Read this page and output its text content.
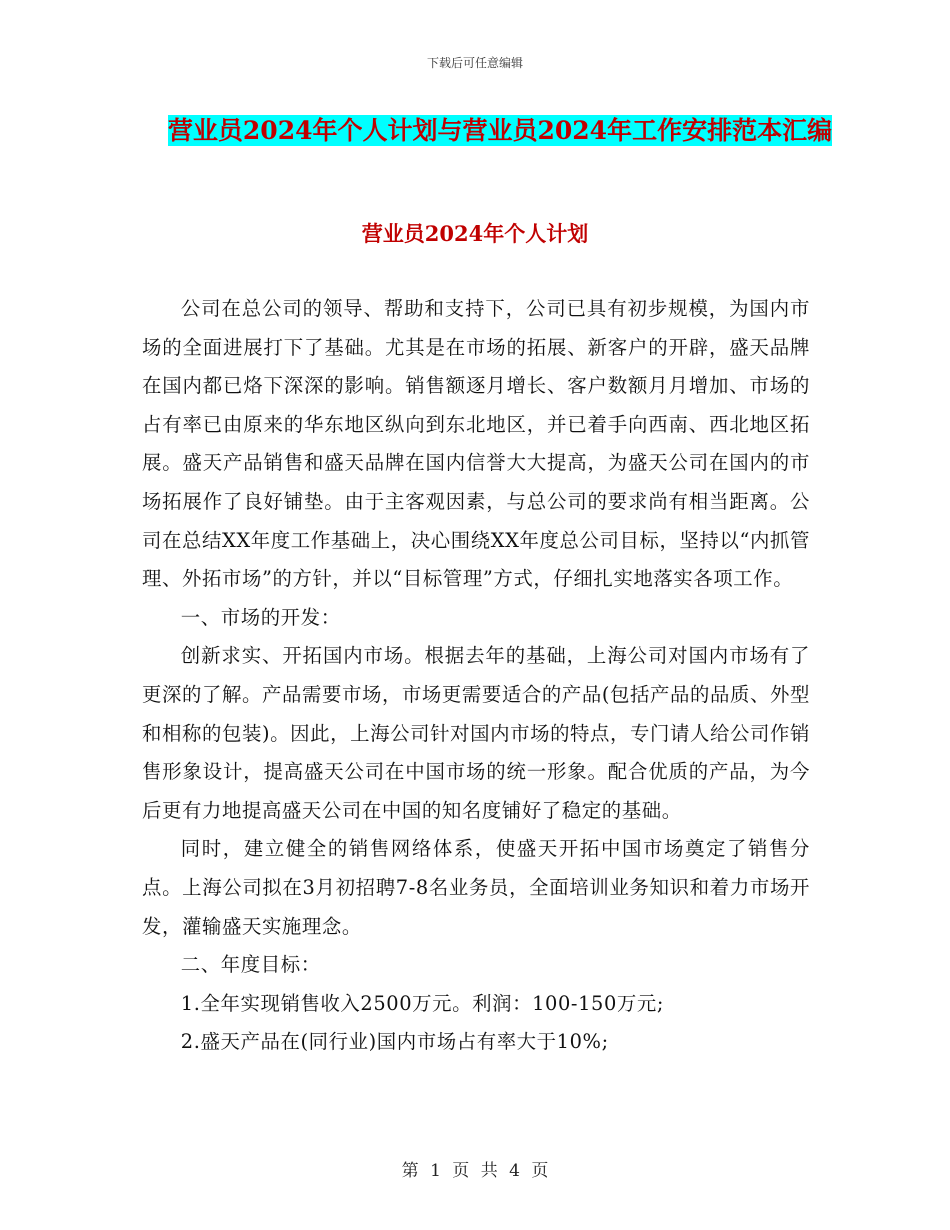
下载后可任意编辑
营业员2024年个人计划与营业员2024年工作安排范本汇编
营业员2024年个人计划

公司在总公司的领导、帮助和支持下，公司已具有初步规模，为国内市场的全面进展打下了基础。尤其是在市场的拓展、新客户的开辟，盛天品牌在国内都已烙下深深的影响。销售额逐月增长、客户数额月月增加、市场的占有率已由原来的华东地区纵向到东北地区，并已着手向西南、西北地区拓展。盛天产品销售和盛天品牌在国内信誉大大提高，为盛天公司在国内的市场拓展作了良好铺垫。由于主客观因素，与总公司的要求尚有相当距离。公司在总结XX年度工作基础上，决心围绕XX年度总公司目标，坚持以“内抓管理、外拓市场”的方针，并以“目标管理”方式，仔细扎实地落实各项工作。

一、市场的开发：

创新求实、开拓国内市场。根据去年的基础，上海公司对国内市场有了更深的了解。产品需要市场，市场更需要适合的产品(包括产品的品质、外型和相称的包装)。因此，上海公司针对国内市场的特点，专门请人给公司作销售形象设计，提高盛天公司在中国市场的统一形象。配合优质的产品，为今后更有力地提高盛天公司在中国的知名度铺好了稳定的基础。

同时，建立健全的销售网络体系，使盛天开拓中国市场奠定了销售分点。上海公司拟在3月初招聘7-8名业务员，全面培训业务知识和着力市场开发，灌输盛天实施理念。

二、年度目标：

1.全年实现销售收入2500万元。利润：100-150万元;

2.盛天产品在(同行业)国内市场占有率大于10%;

第 1 页 共 4 页
